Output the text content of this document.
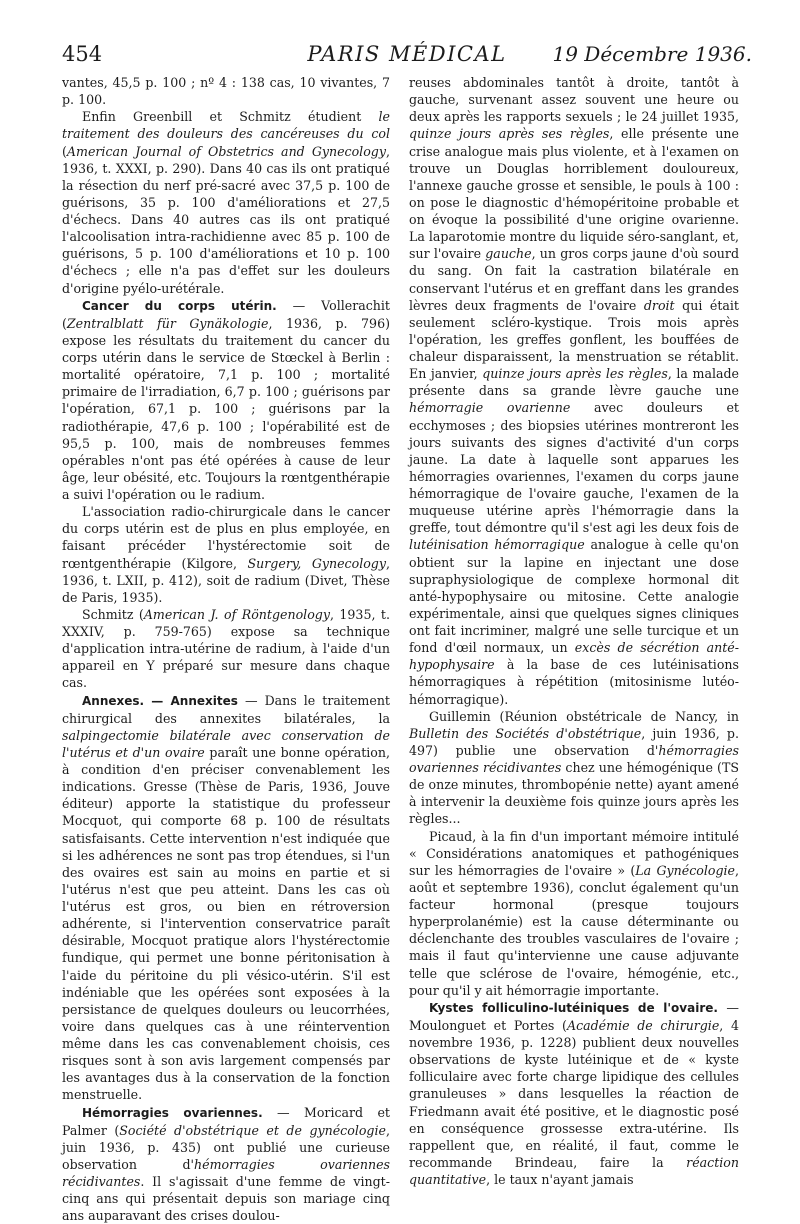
454	PARIS MÉDICAL	19 Décembre 1936.

vantes, 45,5 p. 100 ; nº 4 : 138 cas, 10 vivantes, 7 p. 100.

Enfin Greenbill et Schmitz étudient le traitement des douleurs des cancéreuses du col (American Journal of Obstetrics and Gynecology, 1936, t. XXXI, p. 290). Dans 40 cas ils ont pratiqué la résection du nerf pré-sacré avec 37,5 p. 100 de guérisons, 35 p. 100 d'améliorations et 27,5 d'échecs. Dans 40 autres cas ils ont pratiqué l'alcoolisation intra-rachidienne avec 85 p. 100 de guérisons, 5 p. 100 d'améliorations et 10 p. 100 d'échecs ; elle n'a pas d'effet sur les douleurs d'origine pyélo-urétérale.

Cancer du corps utérin. — Vollerachit (Zentralblatt für Gynäkologie, 1936, p. 796) expose les résultats du traitement du cancer du corps utérin dans le service de Stœckel à Berlin : mortalité opératoire, 7,1 p. 100 ; mortalité primaire de l'irradiation, 6,7 p. 100 ; guérisons par l'opération, 67,1 p. 100 ; guérisons par la radiothérapie, 47,6 p. 100 ; l'opérabilité est de 95,5 p. 100, mais de nombreuses femmes opérables n'ont pas été opérées à cause de leur âge, leur obésité, etc. Toujours la rœntgenthérapie a suivi l'opération ou le radium.

L'association radio-chirurgicale dans le cancer du corps utérin est de plus en plus employée, en faisant précéder l'hystérectomie soit de rœntgenthérapie (Kilgore, Surgery, Gynecology, 1936, t. LXII, p. 412), soit de radium (Divet, Thèse de Paris, 1935).

Schmitz (American J. of Röntgenology, 1935, t. XXXIV, p. 759-765) expose sa technique d'application intra-utérine de radium, à l'aide d'un appareil en Y préparé sur mesure dans chaque cas.

Annexes. — Annexites — Dans le traitement chirurgical des annexites bilatérales, la salpingectomie bilatérale avec conservation de l'utérus et d'un ovaire paraît une bonne opération, à condition d'en préciser convenablement les indications. Gresse (Thèse de Paris, 1936, Jouve éditeur) apporte la statistique du professeur Mocquot, qui comporte 68 p. 100 de résultats satisfaisants. Cette intervention n'est indiquée que si les adhérences ne sont pas trop étendues, si l'un des ovaires est sain au moins en partie et si l'utérus n'est que peu atteint. Dans les cas où l'utérus est gros, ou bien en rétroversion adhérente, si l'intervention conservatrice paraît désirable, Mocquot pratique alors l'hystérectomie fundique, qui permet une bonne péritonisation à l'aide du péritoine du pli vésico-utérin. S'il est indéniable que les opérées sont exposées à la persistance de quelques douleurs ou leucorrhées, voire dans quelques cas à une réintervention même dans les cas convenablement choisis, ces risques sont à son avis largement compensés par les avantages dus à la conservation de la fonction menstruelle.

Hémorragies ovariennes. — Moricard et Palmer (Société d'obstétrique et de gynécologie, juin 1936, p. 435) ont publié une curieuse observation d'hémorragies ovariennes récidivantes. Il s'agissait d'une femme de vingt-cinq ans qui présentait depuis son mariage cinq ans auparavant des crises doulou-

reuses abdominales tantôt à droite, tantôt à gauche, survenant assez souvent une heure ou deux après les rapports sexuels ; le 24 juillet 1935, quinze jours après ses règles, elle présente une crise analogue mais plus violente, et à l'examen on trouve un Douglas horriblement douloureux, l'annexe gauche grosse et sensible, le pouls à 100 : on pose le diagnostic d'hémopéritoine probable et on évoque la possibilité d'une origine ovarienne. La laparotomie montre du liquide séro-sanglant, et, sur l'ovaire gauche, un gros corps jaune d'où sourd du sang. On fait la castration bilatérale en conservant l'utérus et en greffant dans les grandes lèvres deux fragments de l'ovaire droit qui était seulement scléro-kystique. Trois mois après l'opération, les greffes gonflent, les bouffées de chaleur disparaissent, la menstruation se rétablit. En janvier, quinze jours après les règles, la malade présente dans sa grande lèvre gauche une hémorragie ovarienne avec douleurs et ecchymoses ; des biopsies utérines montreront les jours suivants des signes d'activité d'un corps jaune. La date à laquelle sont apparues les hémorragies ovariennes, l'examen du corps jaune hémorragique de l'ovaire gauche, l'examen de la muqueuse utérine après l'hémorragie dans la greffe, tout démontre qu'il s'est agi les deux fois de lutéinisation hémorragique analogue à celle qu'on obtient sur la lapine en injectant une dose supraphysiologique de complexe hormonal dit anté-hypophysaire ou mitosine. Cette analogie expérimentale, ainsi que quelques signes cliniques ont fait incriminer, malgré une selle turcique et un fond d'œil normaux, un excès de sécrétion anté-hypophysaire à la base de ces lutéinisations hémorragiques à répétition (mitosinisme lutéo-hémorragique).

Guillemin (Réunion obstétricale de Nancy, in Bulletin des Sociétés d'obstétrique, juin 1936, p. 497) publie une observation d'hémorragies ovariennes récidivantes chez une hémogénique (TS de onze minutes, thrombopénie nette) ayant amené à intervenir la deuxième fois quinze jours après les règles...

Picaud, à la fin d'un important mémoire intitulé « Considérations anatomiques et pathogéniques sur les hémorragies de l'ovaire » (La Gynécologie, août et septembre 1936), conclut également qu'un facteur hormonal (presque toujours hyperprolanémie) est la cause déterminante ou déclenchante des troubles vasculaires de l'ovaire ; mais il faut qu'intervienne une cause adjuvante telle que sclérose de l'ovaire, hémogénie, etc., pour qu'il y ait hémorragie importante.

Kystes folliculino-lutéiniques de l'ovaire. — Moulonguet et Portes (Académie de chirurgie, 4 novembre 1936, p. 1228) publient deux nouvelles observations de kyste lutéinique et de « kyste folliculaire avec forte charge lipidique des cellules granuleuses » dans lesquelles la réaction de Friedmann avait été positive, et le diagnostic posé en conséquence grossesse extra-utérine. Ils rappellent que, en réalité, il faut, comme le recommande Brindeau, faire la réaction quantitative, le taux n'ayant jamais
